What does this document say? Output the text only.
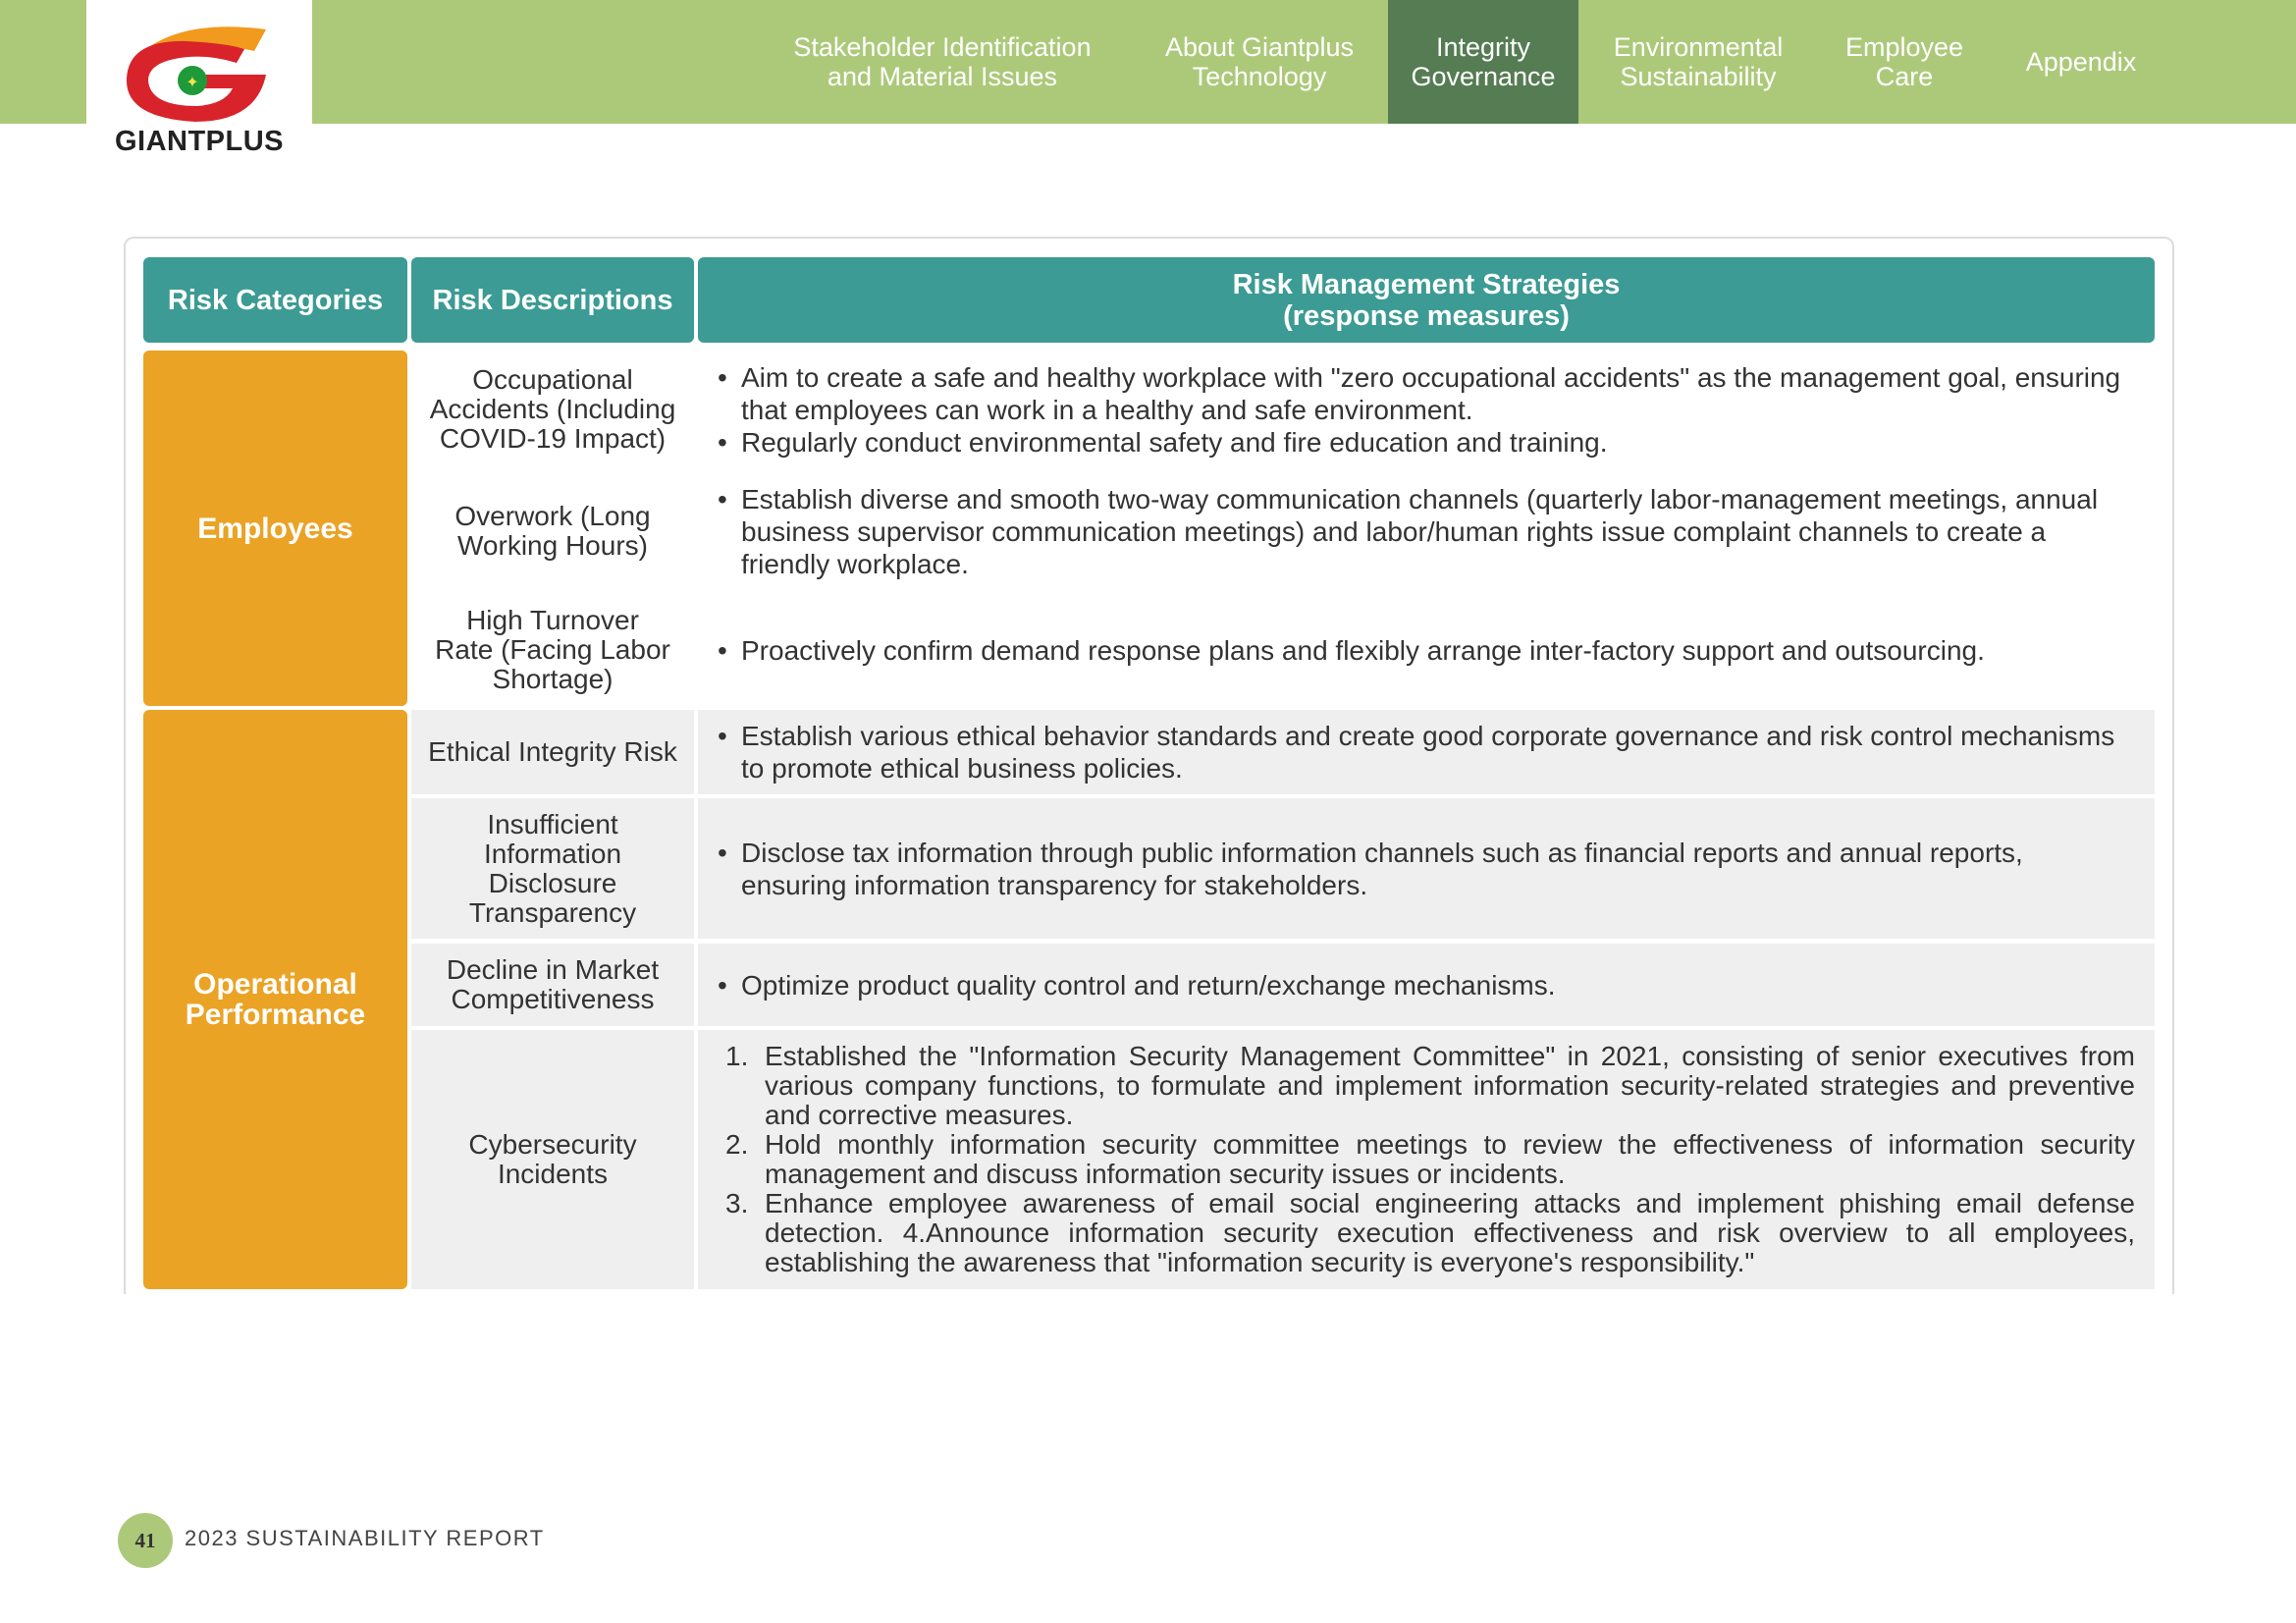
✦
GIANTPLUS
Stakeholder Identification
and Material Issues
About Giantplus
Technology
Integrity
Governance
Environmental
Sustainability
Employee
Care	Appendix
Risk Categories	Risk Descriptions	Risk Management Strategies
(response measures)
Employees
Operational
Performance
Occupational
Accidents (Including
COVID-19 Impact)
• Aim to create a safe and healthy workplace with "zero occupational accidents" as the management goal, ensuring that employees can work in a healthy and safe environment.
• Regularly conduct environmental safety and fire education and training.
Overwork (Long
Working Hours)
• Establish diverse and smooth two-way communication channels (quarterly labor-management meetings, annual business supervisor communication meetings) and labor/human rights issue complaint channels to create a friendly workplace.
High Turnover
Rate (Facing Labor
Shortage)
• Proactively confirm demand response plans and flexibly arrange inter-factory support and outsourcing.
Ethical Integrity Risk
• Establish various ethical behavior standards and create good corporate governance and risk control mechanisms to promote ethical business policies.
Insufficient
Information
Disclosure
Transparency
• Disclose tax information through public information channels such as financial reports and annual reports, ensuring information transparency for stakeholders.
Decline in Market
Competitiveness
•	Optimize product quality control and return/exchange mechanisms.
Cybersecurity
Incidents
1. Established the "Information Security Management Committee" in 2021, consisting of senior executives from various company functions, to formulate and implement information security-related strategies and preventive and corrective measures.
2. Hold monthly information security committee meetings to review the effectiveness of information security management and discuss information security issues or incidents.
3. Enhance employee awareness of email social engineering attacks and implement phishing email defense detection. 4.Announce information security execution effectiveness and risk overview to all employees, establishing the awareness that "information security is everyone's responsibility."
41	2023 SUSTAINABILITY REPORT
